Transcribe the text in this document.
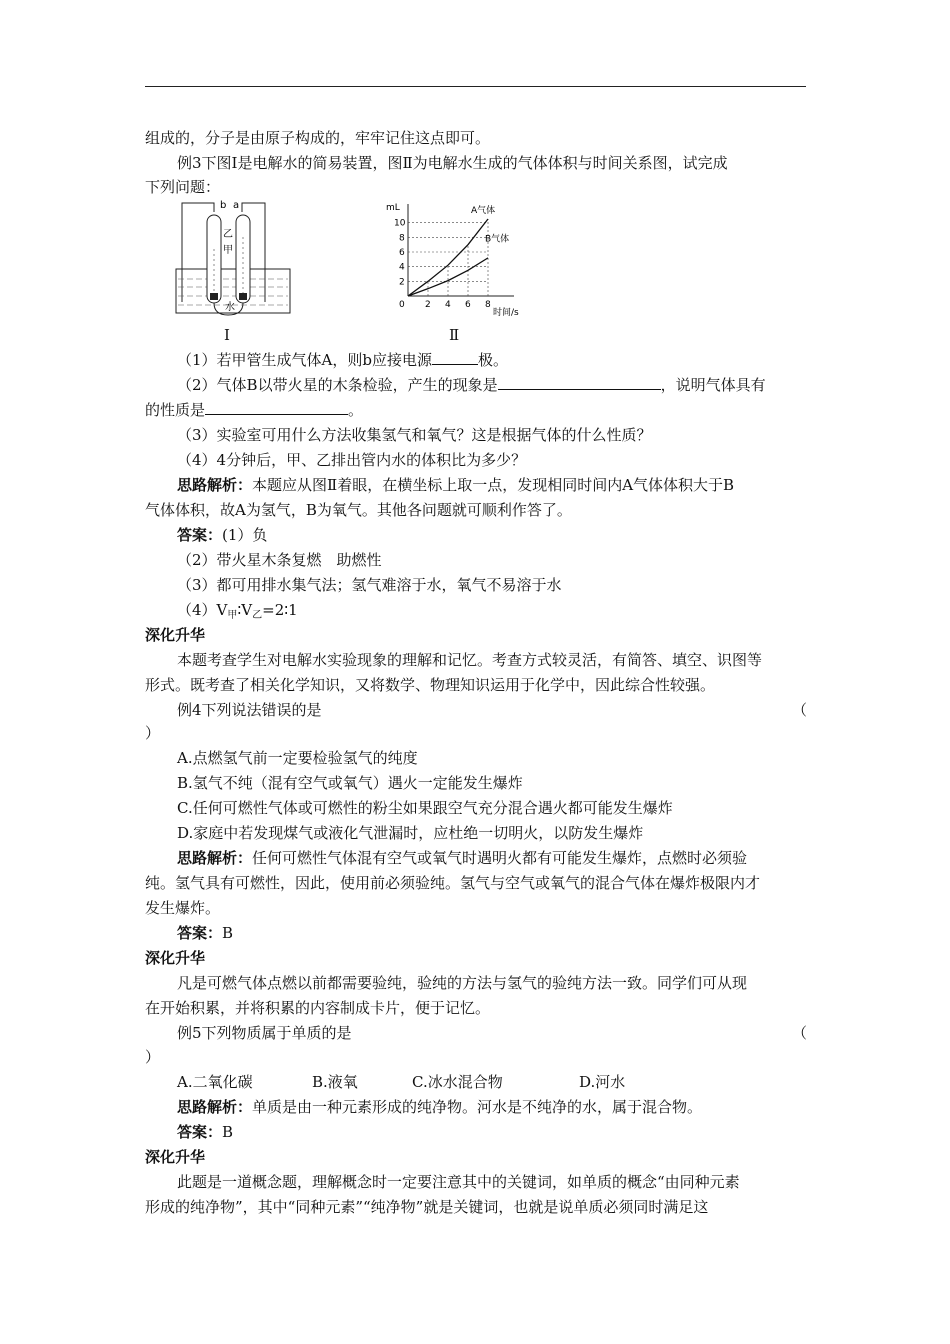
组成的，分子是由原子构成的，牢牢记住这点即可。
例3下图Ⅰ是电解水的简易装置，图Ⅱ为电解水生成的气体体积与时间关系图，试完成
下列问题：
b a
乙
甲
水
mL
时间/s
0 2 4 6 8
2
4
6
8
10
A气体
B气体
Ⅰ	Ⅱ
（1）若甲管生成气体A，则b应接电源	极。
（2）气体B以带火星的木条检验，产生的现象是	，说明气体具有
的性质是	。
（3）实验室可用什么方法收集氢气和氧气？这是根据气体的什么性质？
（4）4分钟后，甲、乙排出管内水的体积比为多少？
思路解析：本题应从图Ⅱ着眼，在横坐标上取一点，发现相同时间内A气体体积大于B
气体体积，故A为氢气，B为氧气。其他各问题就可顺利作答了。
答案：(1）负
（2）带火星木条复燃　助燃性
（3）都可用排水集气法；氢气难溶于水，氧气不易溶于水
$(4)V_甲∶V_乙=2∶1$
深化升华
本题考查学生对电解水实验现象的理解和记忆。考查方式较灵活，有简答、填空、识图等
形式。既考查了相关化学知识，又将数学、物理知识运用于化学中，因此综合性较强。
例4下列说法错误的是	（
）
A.点燃氢气前一定要检验氢气的纯度
B.氢气不纯（混有空气或氧气）遇火一定能发生爆炸
C.任何可燃性气体或可燃性的粉尘如果跟空气充分混合遇火都可能发生爆炸
D.家庭中若发现煤气或液化气泄漏时，应杜绝一切明火，以防发生爆炸
思路解析：任何可燃性气体混有空气或氧气时遇明火都有可能发生爆炸，点燃时必须验
纯。氢气具有可燃性，因此，使用前必须验纯。氢气与空气或氧气的混合气体在爆炸极限内才
发生爆炸。
答案：B
深化升华
凡是可燃气体点燃以前都需要验纯，验纯的方法与氢气的验纯方法一致。同学们可从现
在开始积累，并将积累的内容制成卡片，便于记忆。
例5下列物质属于单质的是	（
）
A.二氧化碳	B.液氧	C.冰水混合物	D.河水
思路解析：单质是由一种元素形成的纯净物。河水是不纯净的水，属于混合物。
答案：B
深化升华
此题是一道概念题，理解概念时一定要注意其中的关键词，如单质的概念“由同种元素
形成的纯净物”，其中“同种元素”“纯净物”就是关键词，也就是说单质必须同时满足这
